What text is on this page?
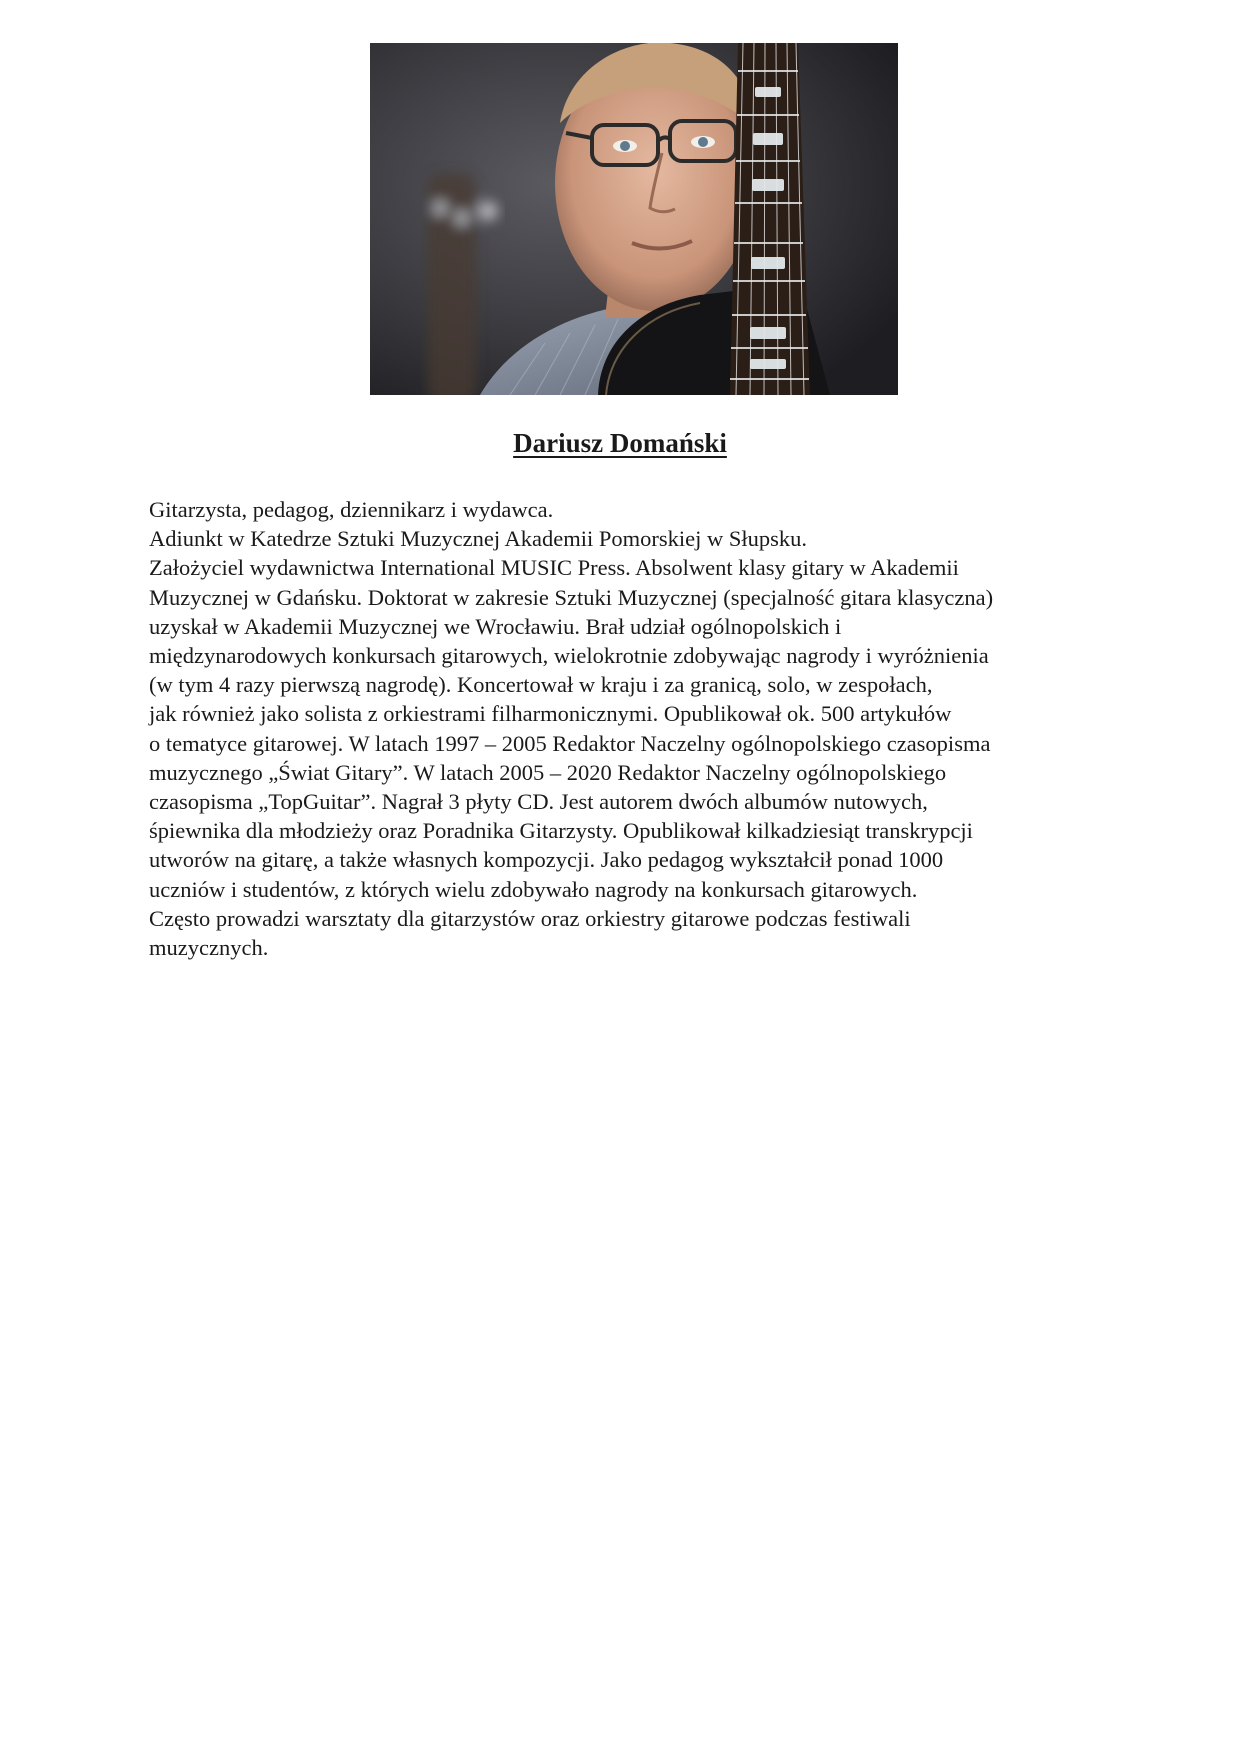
Dariusz Domański
Gitarzysta, pedagog, dziennikarz i wydawca.
Adiunkt w Katedrze Sztuki Muzycznej Akademii Pomorskiej w Słupsku.
Założyciel wydawnictwa International MUSIC Press. Absolwent klasy gitary w Akademii
Muzycznej w Gdańsku. Doktorat w zakresie Sztuki Muzycznej (specjalność gitara klasyczna)
uzyskał w Akademii Muzycznej we Wrocławiu. Brał udział ogólnopolskich i
międzynarodowych konkursach gitarowych, wielokrotnie zdobywając nagrody i wyróżnienia
(w tym 4 razy pierwszą nagrodę). Koncertował w kraju i za granicą, solo, w zespołach,
jak również jako solista z orkiestrami filharmonicznymi. Opublikował ok. 500 artykułów
o tematyce gitarowej. W latach 1997 – 2005 Redaktor Naczelny ogólnopolskiego czasopisma
muzycznego „Świat Gitary”. W latach 2005 – 2020 Redaktor Naczelny ogólnopolskiego
czasopisma „TopGuitar”. Nagrał 3 płyty CD. Jest autorem dwóch albumów nutowych,
śpiewnika dla młodzieży oraz Poradnika Gitarzysty. Opublikował kilkadziesiąt transkrypcji
utworów na gitarę, a także własnych kompozycji. Jako pedagog wykształcił ponad 1000
uczniów i studentów, z których wielu zdobywało nagrody na konkursach gitarowych.
Często prowadzi warsztaty dla gitarzystów oraz orkiestry gitarowe podczas festiwali
muzycznych.
